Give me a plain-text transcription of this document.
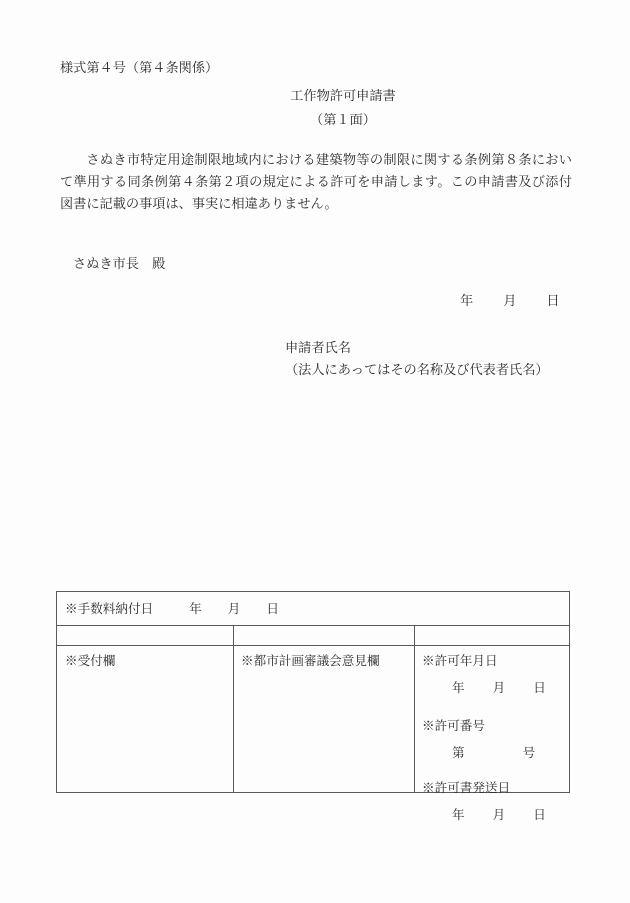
様式第４号（第４条関係）
工作物許可申請書
（第１面）
さぬき市特定用途制限地域内における建築物等の制限に関する条例第８条において準用する同条例第４条第２項の規定による許可を申請します。この申請書及び添付図書に記載の事項は、事実に相違ありません。
さぬき市長　殿
年 月 日
申請者氏名
（法人にあってはその名称及び代表者氏名）
※手数料納付日	年 月 日
※受付欄	※都市計画審議会意見欄	※許可年月日
年 月 日
※許可番号
第	号
※許可書発送日
年 月 日
